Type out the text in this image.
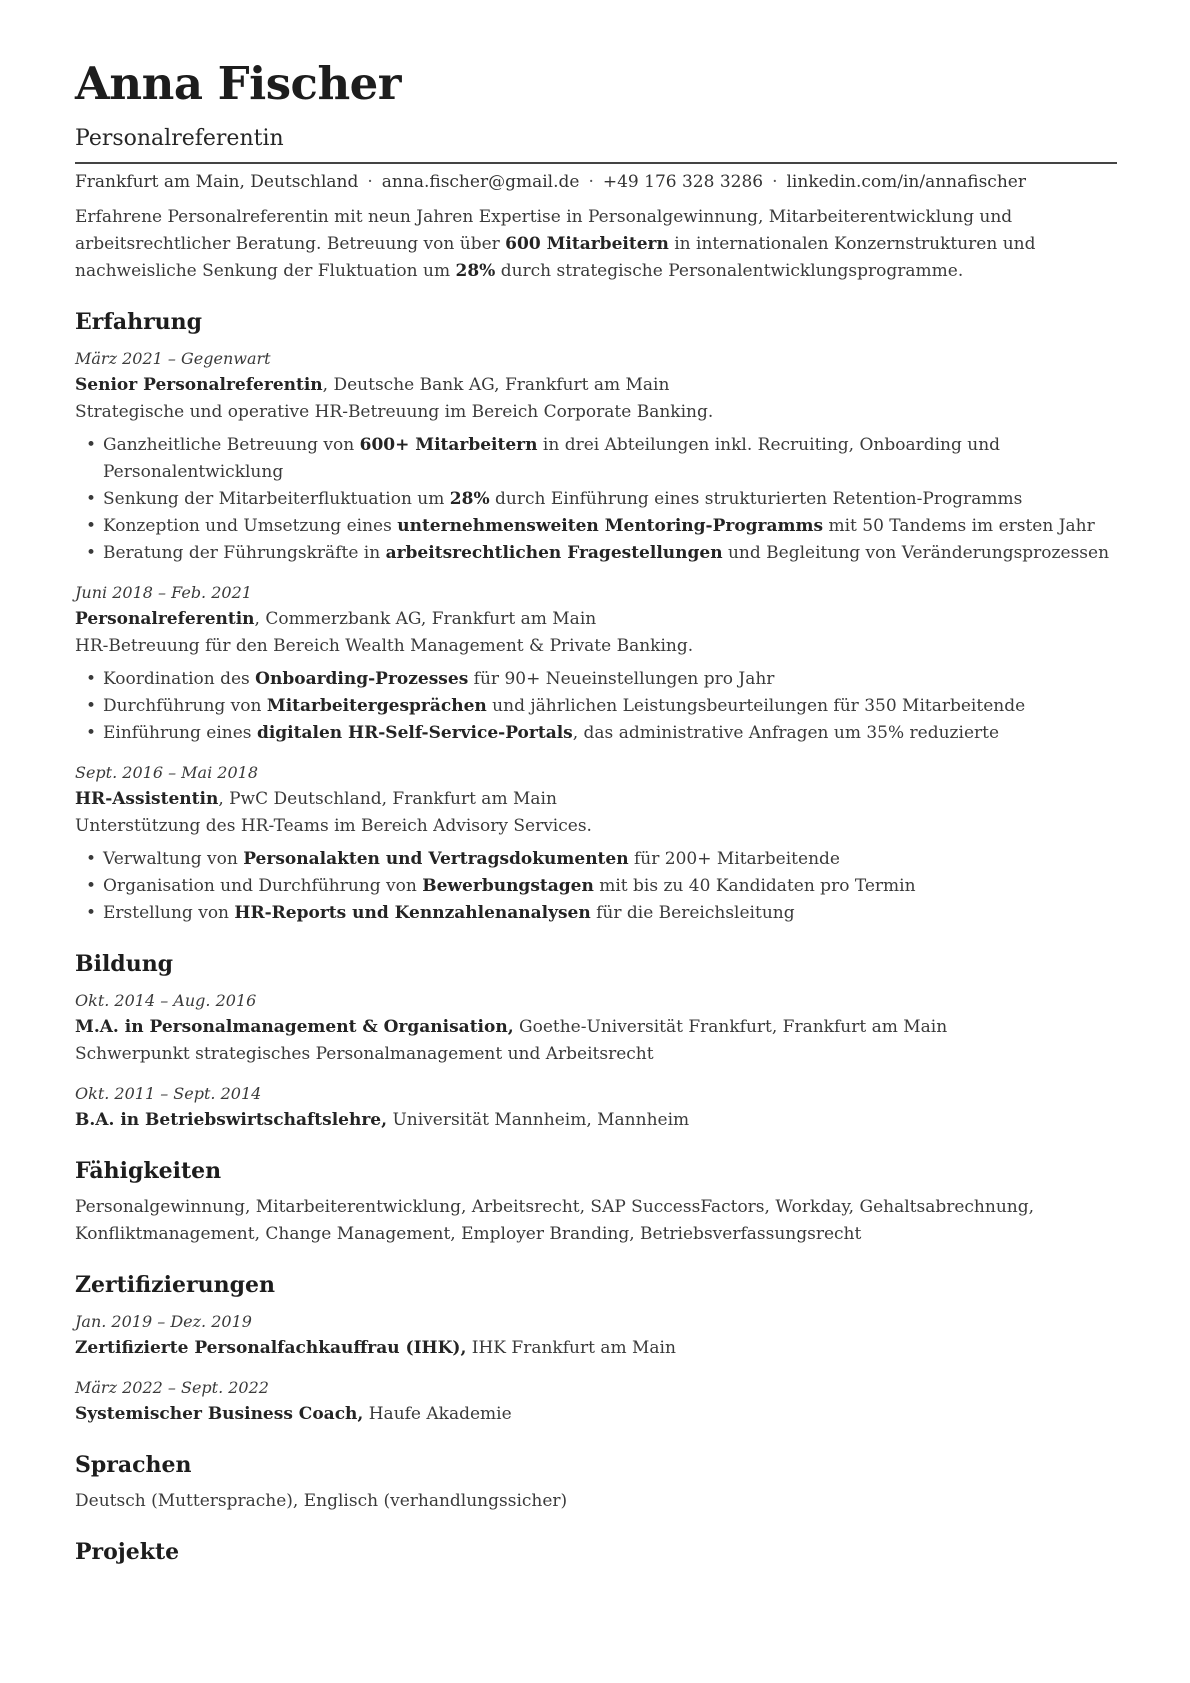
Anna Fischer

Personalreferentin

Frankfurt am Main, Deutschland · anna.fischer@gmail.de · +49 176 328 3286 · linkedin.com/in/annafischer

Erfahrene Personalreferentin mit neun Jahren Expertise in Personalgewinnung, Mitarbeiterentwicklung und arbeitsrechtlicher Beratung. Betreuung von über 600 Mitarbeitern in internationalen Konzernstrukturen und nachweisliche Senkung der Fluktuation um 28% durch strategische Personalentwicklungsprogramme.

Erfahrung

März 2021 – Gegenwart

Senior Personalreferentin, Deutsche Bank AG, Frankfurt am Main

Strategische und operative HR-Betreuung im Bereich Corporate Banking.

• Ganzheitliche Betreuung von 600+ Mitarbeitern in drei Abteilungen inkl. Recruiting, Onboarding und Personalentwicklung
• Senkung der Mitarbeiterfluktuation um 28% durch Einführung eines strukturierten Retention-Programms
• Konzeption und Umsetzung eines unternehmensweiten Mentoring-Programms mit 50 Tandems im ersten Jahr
• Beratung der Führungskräfte in arbeitsrechtlichen Fragestellungen und Begleitung von Veränderungsprozessen

Juni 2018 – Feb. 2021

Personalreferentin, Commerzbank AG, Frankfurt am Main

HR-Betreuung für den Bereich Wealth Management & Private Banking.

• Koordination des Onboarding-Prozesses für 90+ Neueinstellungen pro Jahr
• Durchführung von Mitarbeitergesprächen und jährlichen Leistungsbeurteilungen für 350 Mitarbeitende
• Einführung eines digitalen HR-Self-Service-Portals, das administrative Anfragen um 35% reduzierte

Sept. 2016 – Mai 2018

HR-Assistentin, PwC Deutschland, Frankfurt am Main

Unterstützung des HR-Teams im Bereich Advisory Services.

• Verwaltung von Personalakten und Vertragsdokumenten für 200+ Mitarbeitende
• Organisation und Durchführung von Bewerbungstagen mit bis zu 40 Kandidaten pro Termin
• Erstellung von HR-Reports und Kennzahlenanalysen für die Bereichsleitung
Bildung

Okt. 2014 – Aug. 2016

M.A. in Personalmanagement & Organisation, Goethe-Universität Frankfurt, Frankfurt am Main

Schwerpunkt strategisches Personalmanagement und Arbeitsrecht

Okt. 2011 – Sept. 2014

B.A. in Betriebswirtschaftslehre, Universität Mannheim, Mannheim

Fähigkeiten

Personalgewinnung, Mitarbeiterentwicklung, Arbeitsrecht, SAP SuccessFactors, Workday, Gehaltsabrechnung, Konfliktmanagement, Change Management, Employer Branding, Betriebsverfassungsrecht

Zertifizierungen

Jan. 2019 – Dez. 2019

Zertifizierte Personalfachkauffrau (IHK), IHK Frankfurt am Main

März 2022 – Sept. 2022

Systemischer Business Coach, Haufe Akademie

Sprachen

Deutsch (Muttersprache), Englisch (verhandlungssicher)

Projekte
